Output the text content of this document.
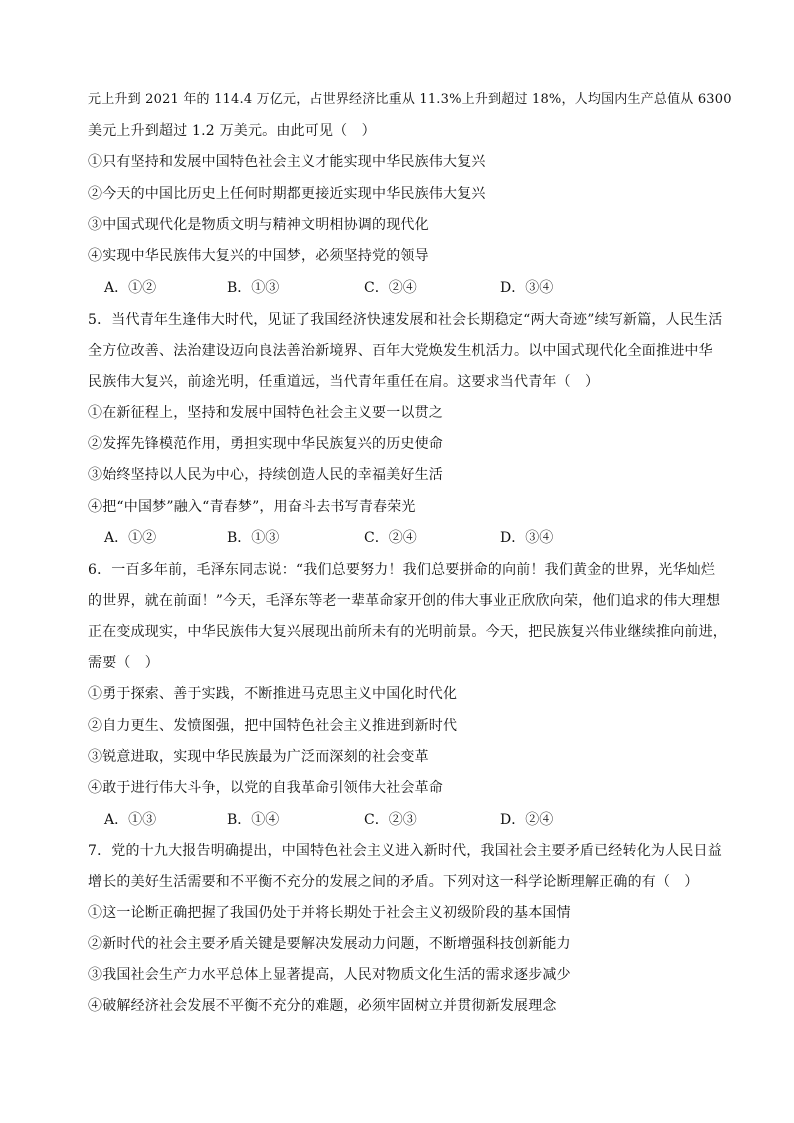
元上升到 2021 年的 114.4 万亿元，占世界经济比重从 11.3%上升到超过 18%，人均国内生产总值从 6300
美元上升到超过 1.2 万美元。由此可见（　）
①只有坚持和发展中国特色社会主义才能实现中华民族伟大复兴
②今天的中国比历史上任何时期都更接近实现中华民族伟大复兴
③中国式现代化是物质文明与精神文明相协调的现代化
④实现中华民族伟大复兴的中国梦，必须坚持党的领导
A．①②	B．①③	C．②④	D．③④
5．当代青年生逢伟大时代，见证了我国经济快速发展和社会长期稳定“两大奇迹”续写新篇，人民生活
全方位改善、法治建设迈向良法善治新境界、百年大党焕发生机活力。以中国式现代化全面推进中华
民族伟大复兴，前途光明，任重道远，当代青年重任在肩。这要求当代青年（　）
①在新征程上，坚持和发展中国特色社会主义要一以贯之
②发挥先锋模范作用，勇担实现中华民族复兴的历史使命
③始终坚持以人民为中心，持续创造人民的幸福美好生活
④把“中国梦”融入“青春梦”，用奋斗去书写青春荣光
A．①②	B．①③	C．②④	D．③④
6．一百多年前，毛泽东同志说：“我们总要努力！我们总要拼命的向前！我们黄金的世界，光华灿烂
的世界，就在前面！”今天，毛泽东等老一辈革命家开创的伟大事业正欣欣向荣，他们追求的伟大理想
正在变成现实，中华民族伟大复兴展现出前所未有的光明前景。今天，把民族复兴伟业继续推向前进，
需要（　）
①勇于探索、善于实践，不断推进马克思主义中国化时代化
②自力更生、发愤图强，把中国特色社会主义推进到新时代
③锐意进取，实现中华民族最为广泛而深刻的社会变革
④敢于进行伟大斗争，以党的自我革命引领伟大社会革命
A．①③	B．①④	C．②③	D．②④
7．党的十九大报告明确提出，中国特色社会主义进入新时代，我国社会主要矛盾已经转化为人民日益
增长的美好生活需要和不平衡不充分的发展之间的矛盾。下列对这一科学论断理解正确的有（　）
①这一论断正确把握了我国仍处于并将长期处于社会主义初级阶段的基本国情
②新时代的社会主要矛盾关键是要解决发展动力问题，不断增强科技创新能力
③我国社会生产力水平总体上显著提高，人民对物质文化生活的需求逐步减少
④破解经济社会发展不平衡不充分的难题，必须牢固树立并贯彻新发展理念
